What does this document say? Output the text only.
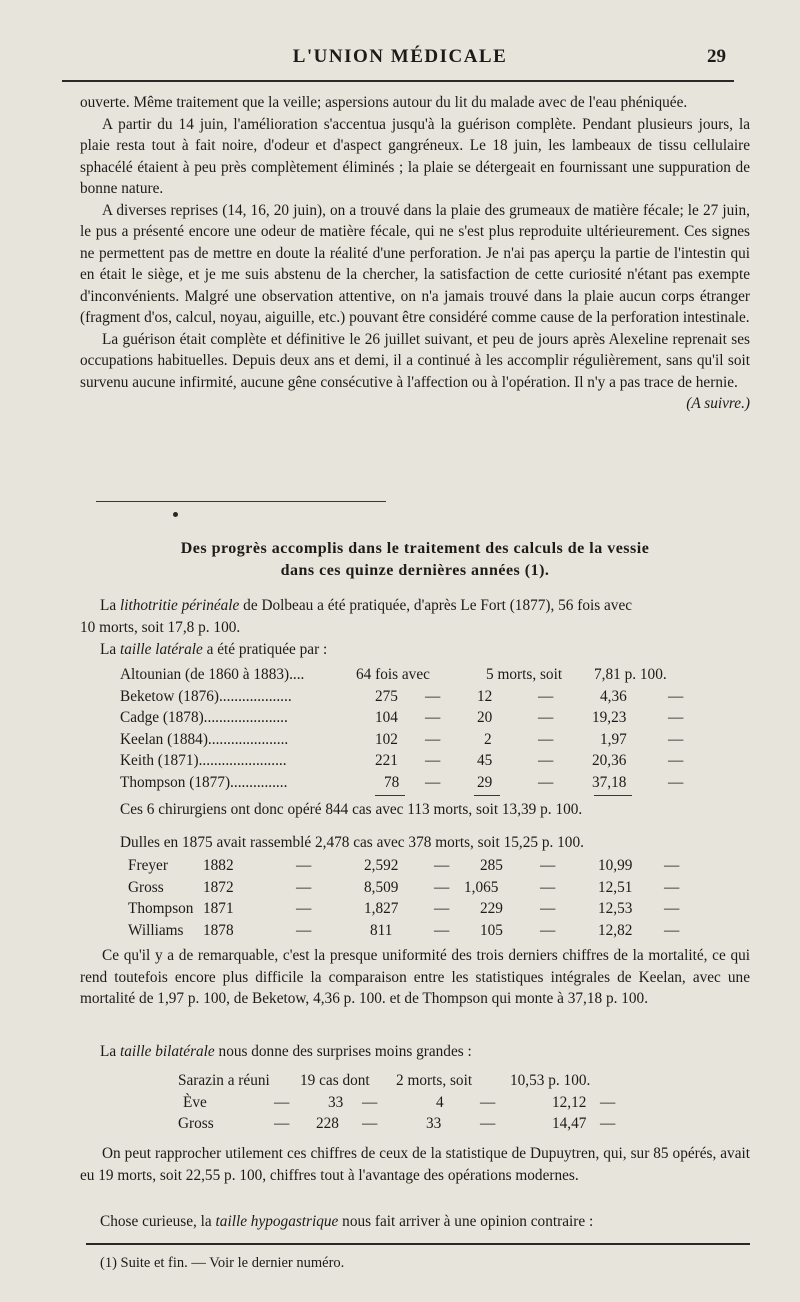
L'UNION MÉDICALE	29

ouverte. Même traitement que la veille; aspersions autour du lit du malade avec de l'eau phéniquée.

A partir du 14 juin, l'amélioration s'accentua jusqu'à la guérison complète. Pendant plusieurs jours, la plaie resta tout à fait noire, d'odeur et d'aspect gangréneux. Le 18 juin, les lambeaux de tissu cellulaire sphacélé étaient à peu près complètement éliminés ; la plaie se détergeait en fournissant une suppuration de bonne nature.

A diverses reprises (14, 16, 20 juin), on a trouvé dans la plaie des grumeaux de matière fécale; le 27 juin, le pus a présenté encore une odeur de matière fécale, qui ne s'est plus reproduite ultérieurement. Ces signes ne permettent pas de mettre en doute la réalité d'une perforation. Je n'ai pas aperçu la partie de l'intestin qui en était le siège, et je me suis abstenu de la chercher, la satisfaction de cette curiosité n'étant pas exempte d'inconvénients. Malgré une observation attentive, on n'a jamais trouvé dans la plaie aucun corps étranger (fragment d'os, calcul, noyau, aiguille, etc.) pouvant être considéré comme cause de la perforation intestinale.

La guérison était complète et définitive le 26 juillet suivant, et peu de jours après Alexeline reprenait ses occupations habituelles. Depuis deux ans et demi, il a continué à les accomplir régulièrement, sans qu'il soit survenu aucune infirmité, aucune gêne consécutive à l'affection ou à l'opération. Il n'y a pas trace de hernie.
(A suivre.)

Des progrès accomplis dans le traitement des calculs de la vessie
dans ces quinze dernières années (1).
La lithotritie périnéale de Dolbeau a été pratiquée, d'après Le Fort (1877), 56 fois avec
10 morts, soit 17,8 p. 100.
La taille latérale a été pratiquée par :
Altounian (de 1860 à 1883)....	64 fois avec	5 morts, soit 7,81 p. 100.
Beketow (1876)...................	275 — 12	—	4,36	—
Cadge (1878)......................	104 — 20	—	19,23	—
Keelan (1884).....................	102 —	2	—	1,97	—
Keith (1871).......................	221 — 45	—	20,36	—
Thompson (1877)...............	78 — 29	—	37,18	—
Ces 6 chirurgiens ont donc opéré 844 cas avec 113 morts, soit 13,39 p. 100.
Dulles en 1875 avait rassemblé 2,478 cas avec 378 morts, soit 15,25 p. 100.
Freyer 1882	—	2,592 — 285 —	10,99 —
Gross	1872	—	8,509 — 1,065	—	12,51 —
Thompson 1871	—	1,827 — 229 —	12,53 —
Williams 1878	—	811	— 105 —	12,82 —

Ce qu'il y a de remarquable, c'est la presque uniformité des trois derniers chiffres de la mortalité, ce qui rend toutefois encore plus difficile la comparaison entre les statistiques intégrales de Keelan, avec une mortalité de 1,97 p. 100, de Beketow, 4,36 p. 100. et de Thompson qui monte à 37,18 p. 100.

La taille bilatérale nous donne des surprises moins grandes :
Sarazin a réuni 19 cas dont 2 morts, soit 10,53 p. 100.
Ève	—	33 —	4 —	12,12 —
Gross	— 228 —	33	—	14,47 —

On peut rapprocher utilement ces chiffres de ceux de la statistique de Dupuytren, qui, sur 85 opérés, avait eu 19 morts, soit 22,55 p. 100, chiffres tout à l'avantage des opérations modernes.

Chose curieuse, la taille hypogastrique nous fait arriver à une opinion contraire :
(1) Suite et fin. — Voir le dernier numéro.
